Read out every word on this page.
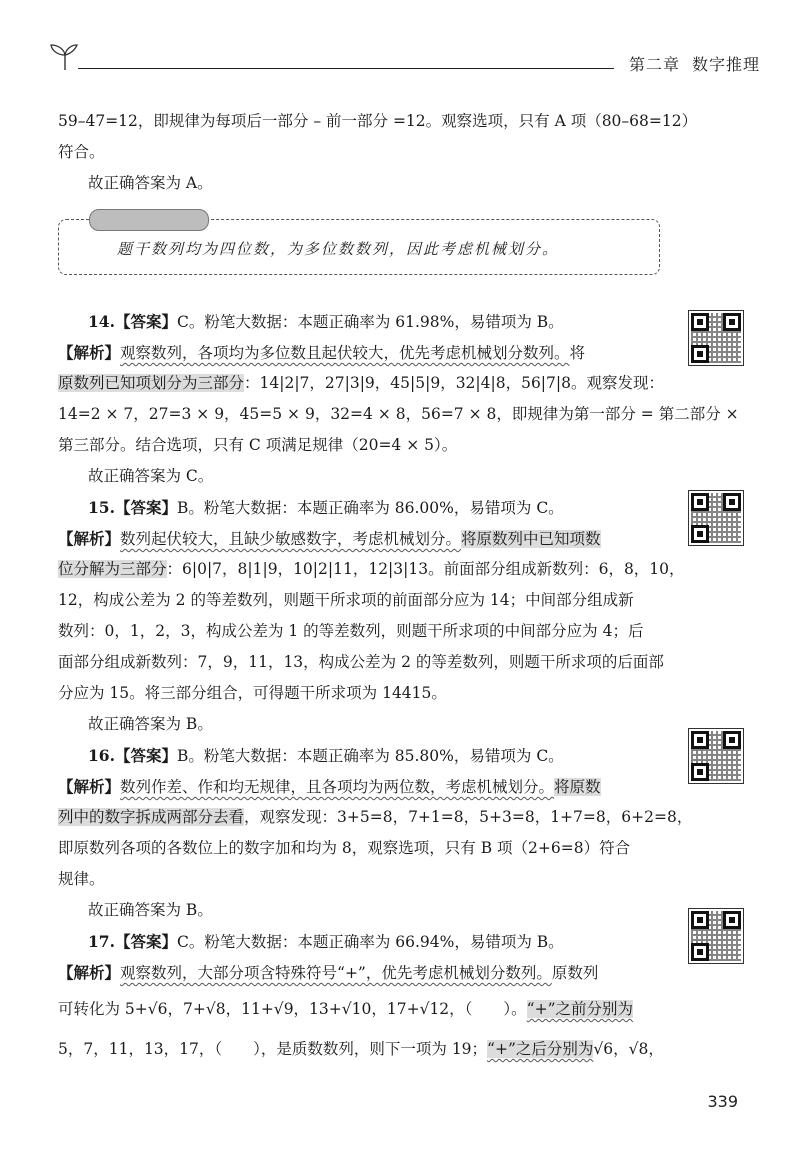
第二章 数字推理
59–47=12，即规律为每项后一部分 – 前一部分 =12。观察选项，只有 A 项（80–68=12）
符合。
故正确答案为 A。
题干数列均为四位数，为多位数数列，因此考虑机械划分。
14.【答案】C。粉笔大数据：本题正确率为 61.98%，易错项为 B。
【解析】观察数列，各项均为多位数且起伏较大，优先考虑机械划分数列。将
原数列已知项划分为三部分：14|2|7，27|3|9，45|5|9，32|4|8，56|7|8。观察发现：
14=2 × 7，27=3 × 9，45=5 × 9，32=4 × 8，56=7 × 8，即规律为第一部分 = 第二部分 ×
第三部分。结合选项，只有 C 项满足规律（20=4 × 5）。
故正确答案为 C。
15.【答案】B。粉笔大数据：本题正确率为 86.00%，易错项为 C。
【解析】数列起伏较大，且缺少敏感数字，考虑机械划分。将原数列中已知项数
位分解为三部分：6|0|7，8|1|9，10|2|11，12|3|13。前面部分组成新数列：6，8，10，
12，构成公差为 2 的等差数列，则题干所求项的前面部分应为 14；中间部分组成新
数列：0，1，2，3，构成公差为 1 的等差数列，则题干所求项的中间部分应为 4；后
面部分组成新数列：7，9，11，13，构成公差为 2 的等差数列，则题干所求项的后面部
分应为 15。将三部分组合，可得题干所求项为 14415。
故正确答案为 B。
16.【答案】B。粉笔大数据：本题正确率为 85.80%，易错项为 C。
【解析】数列作差、作和均无规律，且各项均为两位数，考虑机械划分。将原数
列中的数字拆成两部分去看，观察发现：3+5=8，7+1=8，5+3=8，1+7=8，6+2=8，
即原数列各项的各数位上的数字加和均为 8，观察选项，只有 B 项（2+6=8）符合
规律。
故正确答案为 B。
17.【答案】C。粉笔大数据：本题正确率为 66.94%，易错项为 B。
【解析】观察数列，大部分项含特殊符号“+”，优先考虑机械划分数列。原数列
可转化为 5+√6，7+√8，11+√9，13+√10，17+√12，（　　）。“+”之前分别为
5，7，11，13，17，（　　），是质数数列，则下一项为 19；“+”之后分别为√6，√8，
339
